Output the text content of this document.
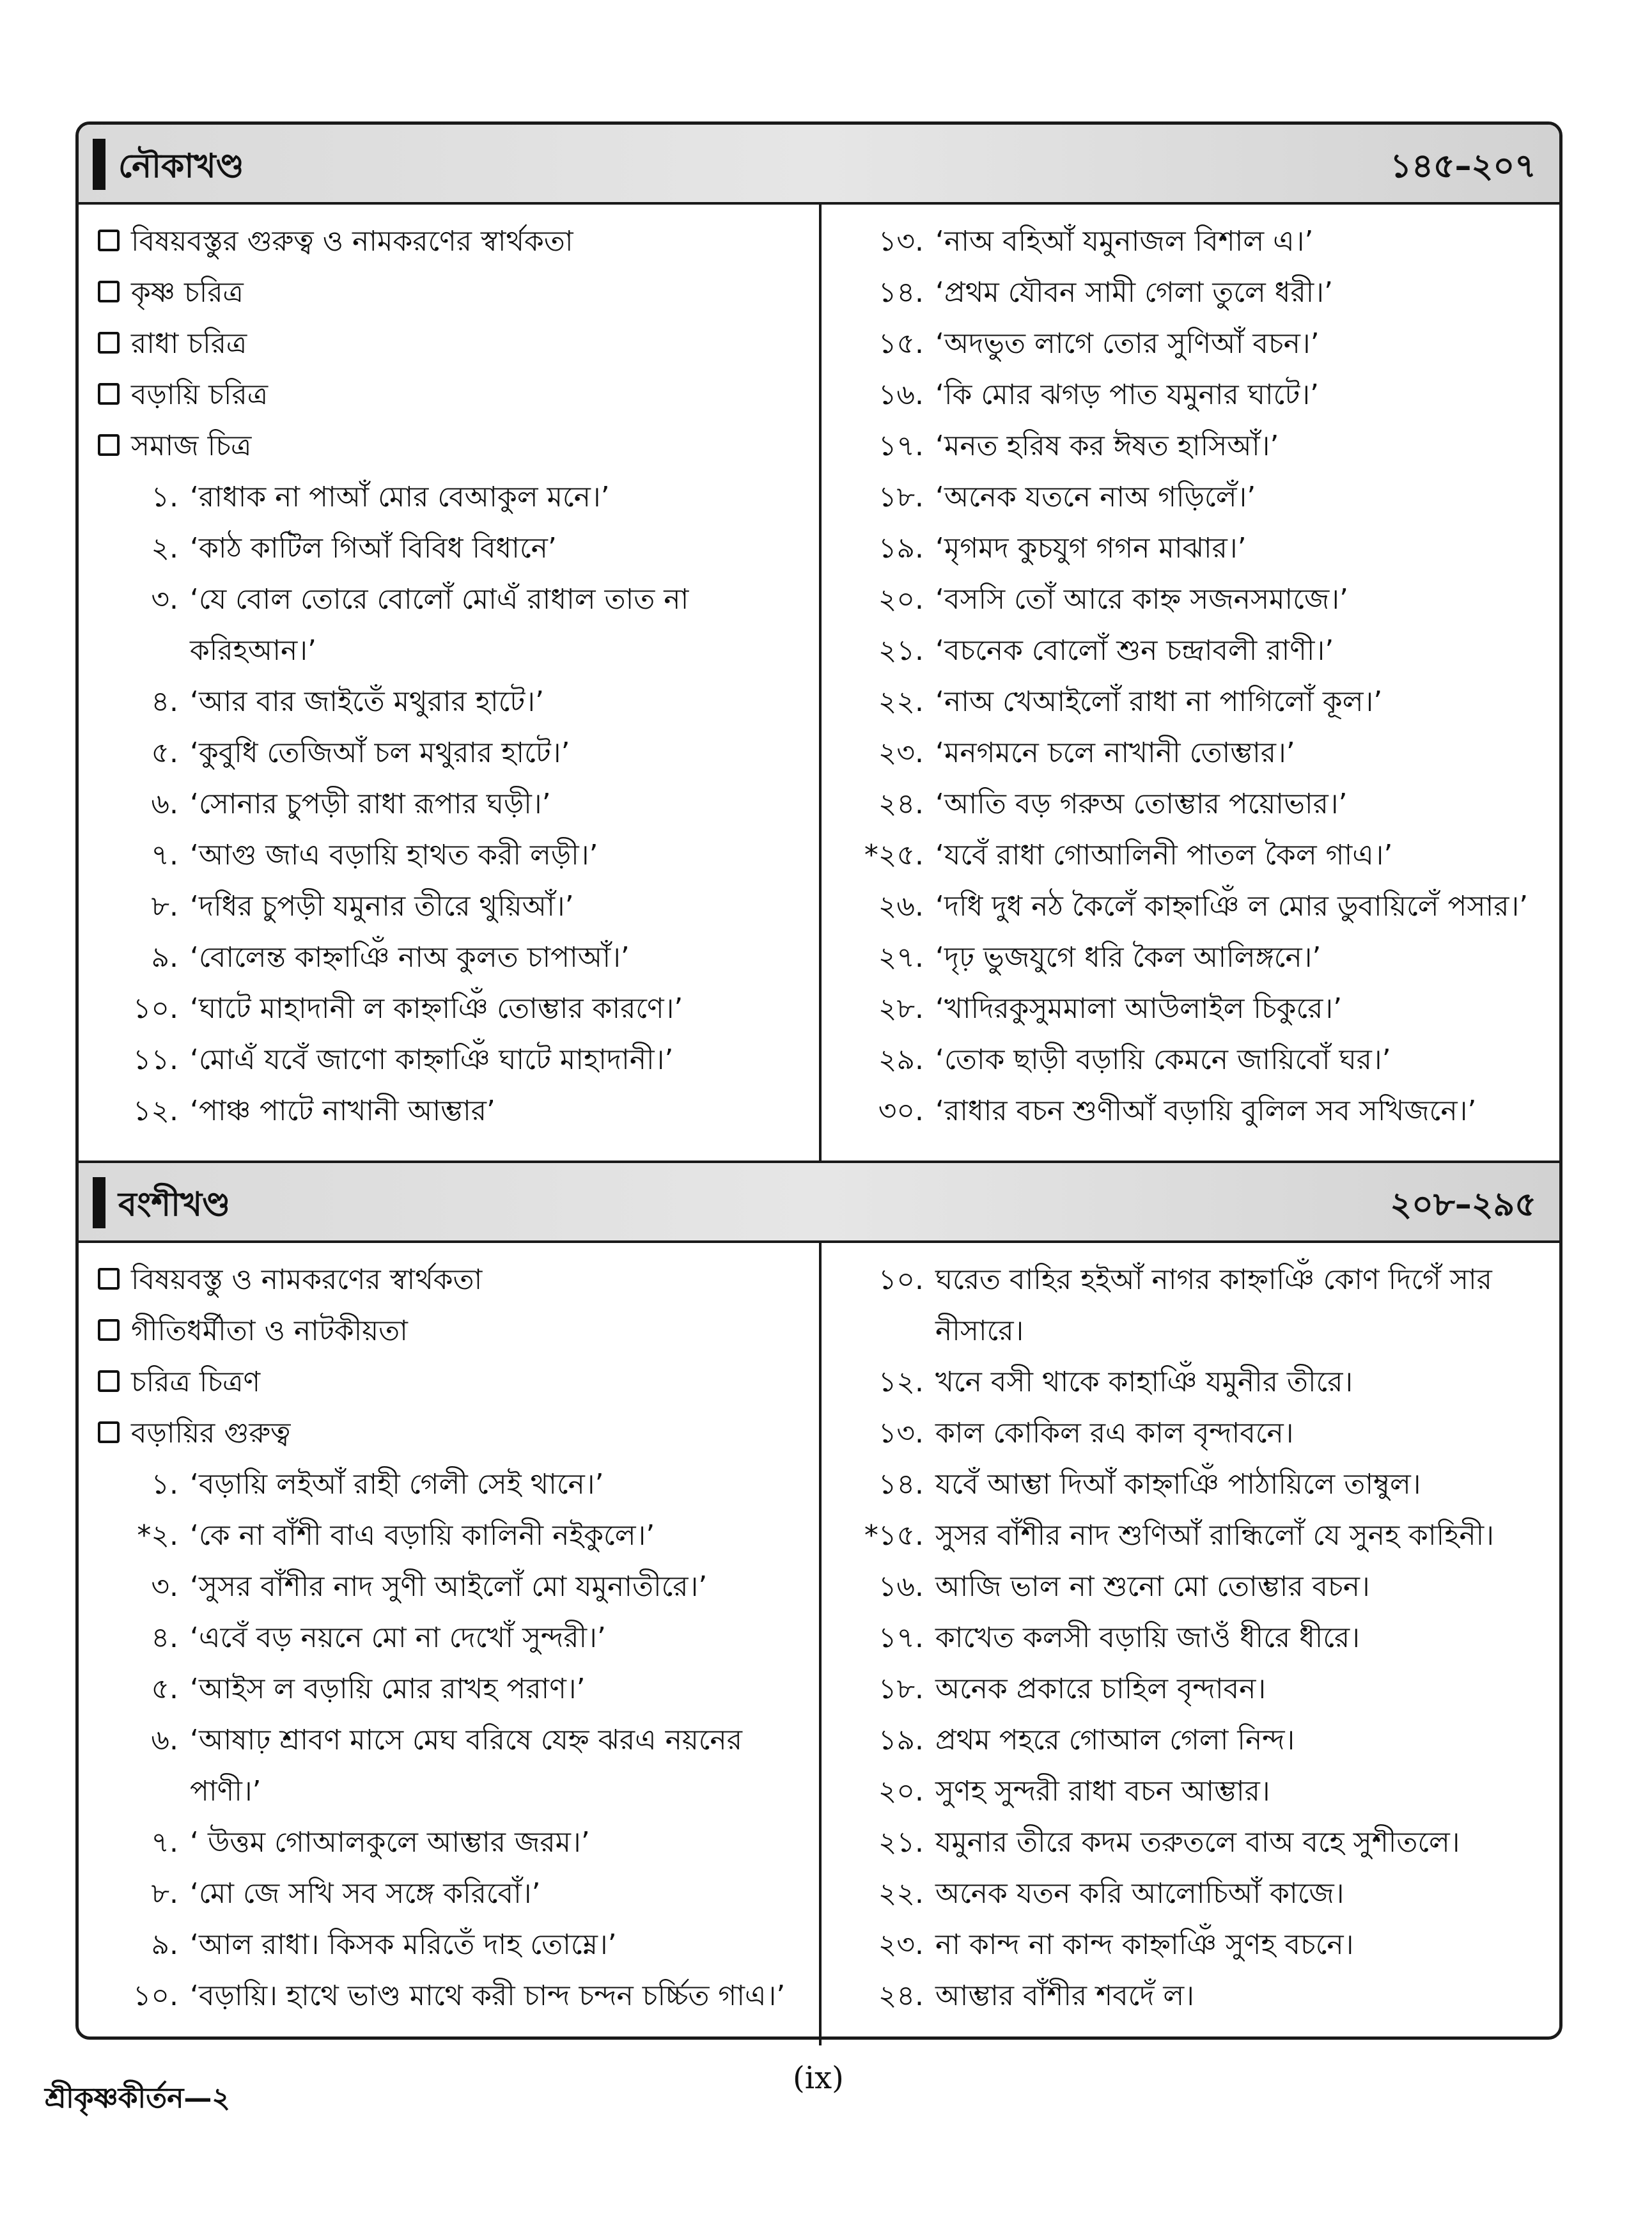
নৌকাখণ্ড	১৪৫–২০৭
বিষয়বস্তুর গুরুত্ব ও নামকরণের স্বার্থকতা
কৃষ্ণ চরিত্র
রাধা চরিত্র
বড়ায়ি চরিত্র
সমাজ চিত্র
১. ‘রাধাক না পাআঁ মোর বেআকুল মনে।’
২. ‘কাঠ কাটিল গিআঁ বিবিধ বিধানে’
৩. ‘যে বোল তোরে বোলোঁ মোএঁ রাধাল তাত না করিহআন।’
৪. ‘আর বার জাইতেঁ মথুরার হাটে।’
৫. ‘কুবুধি তেজিআঁ চল মথুরার হাটে।’
৬. ‘সোনার চুপড়ী রাধা রূপার ঘড়ী।’
৭. ‘আগু জাএ বড়ায়ি হাথত করী লড়ী।’
৮. ‘দধির চুপড়ী যমুনার তীরে থুয়িআঁ।’
৯. ‘বোলেন্ত কাহ্নাঞিঁ নাঅ কুলত চাপাআঁ।’
১০. ‘ঘাটে মাহাদানী ল কাহ্নাঞিঁ তোম্ভার কারণে।’
১১. ‘মোএঁ যবেঁ জাণো কাহ্নাঞিঁ ঘাটে মাহাদানী।’
১২. ‘পাঞ্চ পাটে নাখানী আম্ভার’
১৩. ‘নাঅ বহিআঁ যমুনাজল বিশাল এ।’
১৪. ‘প্রথম যৌবন সামী গেলা তুলে ধরী।’
১৫. ‘অদভুত লাগে তোর সুণিআঁ বচন।’
১৬. ‘কি মোর ঝগড় পাত যমুনার ঘাটে।’
১৭. ‘মনত হরিষ কর ঈষত হাসিআঁ।’
১৮. ‘অনেক যতনে নাঅ গড়িলেঁ।’
১৯. ‘মৃগমদ কুচযুগ গগন মাঝার।’
২০. ‘বসসি তোঁ আরে কাহ্ন সজনসমাজে।’
২১. ‘বচনেক বোলোঁ শুন চন্দ্রাবলী রাণী।’
২২. ‘নাঅ খেআইলোঁ রাধা না পাগিলোঁ কূল।’
২৩. ‘মনগমনে চলে নাখানী তোম্ভার।’
২৪. ‘আতি বড় গরুঅ তোম্ভার পয়োভার।’
*২৫. ‘যবেঁ রাধা গোআলিনী পাতল কৈল গাএ।’
২৬. ‘দধি দুধ নঠ কৈলেঁ কাহ্নাঞিঁ ল মোর ডুবায়িলেঁ পসার।’
২৭. ‘দৃঢ় ভুজযুগে ধরি কৈল আলিঙ্গনে।’
২৮. ‘খাদিরকুসুমমালা আউলাইল চিকুরে।’
২৯. ‘তোক ছাড়ী বড়ায়ি কেমনে জায়িবোঁ ঘর।’
৩০. ‘রাধার বচন শুণীআঁ বড়ায়ি বুলিল সব সখিজনে।’
বংশীখণ্ড	২০৮–২৯৫
বিষয়বস্তু ও নামকরণের স্বার্থকতা
গীতিধর্মীতা ও নাটকীয়তা
চরিত্র চিত্রণ
বড়ায়ির গুরুত্ব
১. ‘বড়ায়ি লইআঁ রাহী গেলী সেই থানে।’
*২. ‘কে না বাঁশী বাএ বড়ায়ি কালিনী নইকুলে।’
৩. ‘সুসর বাঁশীর নাদ সুণী আইলোঁ মো যমুনাতীরে।’
৪. ‘এবেঁ বড় নয়নে মো না দেখোঁ সুন্দরী।’
৫. ‘আইস ল বড়ায়ি মোর রাখহ পরাণ।’
৬. ‘আষাঢ় শ্রাবণ মাসে মেঘ বরিষে যেহ্ন ঝরএ নয়নের পাণী।’
৭. ‘ উত্তম গোআলকুলে আম্ভার জরম।’
৮. ‘মো জে সখি সব সঙ্গে করিবোঁ।’
৯. ‘আল রাধা। কিসক মরিতেঁ দাহ তোম্নে।’
১০. ‘বড়ায়ি। হাথে ভাণ্ড মাথে করী চান্দ চন্দন চর্চ্চিত গাএ।’
১০. ঘরেত বাহির হইআঁ নাগর কাহ্নাঞিঁ কোণ দিগেঁ সার নীসারে।
১২. খনে বসী থাকে কাহাঞিঁ যমুনীর তীরে।
১৩. কাল কোকিল রএ কাল বৃন্দাবনে।
১৪. যবেঁ আম্ভা দিআঁ কাহ্নাঞিঁ পাঠায়িলে তাম্বুল।
*১৫. সুসর বাঁশীর নাদ শুণিআঁ রান্ধিলোঁ যে সুনহ কাহিনী।
১৬. আজি ভাল না শুনো মো তোম্ভার বচন।
১৭. কাখেত কলসী বড়ায়ি জাওঁ ধীরে ধীরে।
১৮. অনেক প্রকারে চাহিল বৃন্দাবন।
১৯. প্রথম পহরে গোআল গেলা নিন্দ।
২০. সুণহ সুন্দরী রাধা বচন আম্ভার।
২১. যমুনার তীরে কদম তরুতলে বাঅ বহে সুশীতলে।
২২. অনেক যতন করি আলোচিআঁ কাজে।
২৩. না কান্দ না কান্দ কাহ্নাঞিঁ সুণহ বচনে।
২৪. আম্ভার বাঁশীর শবদেঁ ল।
শ্রীকৃষ্ণকীর্তন—২
(ix)
